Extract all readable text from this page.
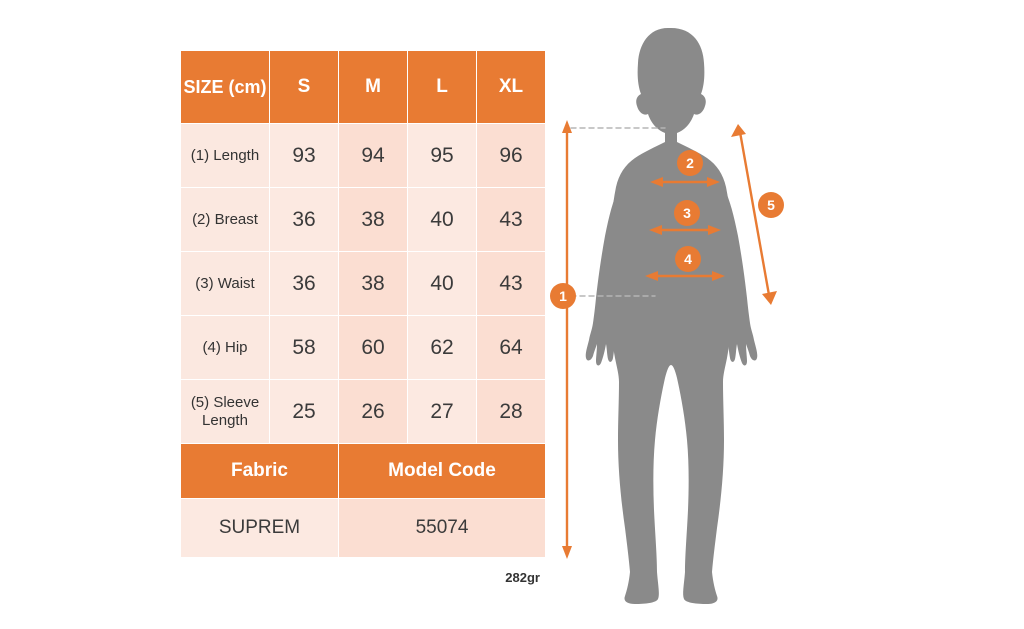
SIZE (cm)	S	M	L	XL
(1) Length	93	94	95	96
(2) Breast	36	38	40	43
(3) Waist	36	38	40	43
(4) Hip	58	60	62	64
(5) Sleeve Length	25	26	27	28
Fabric		Model Code		
SUPREM		55074		
282gr
1
2
3
4
5
